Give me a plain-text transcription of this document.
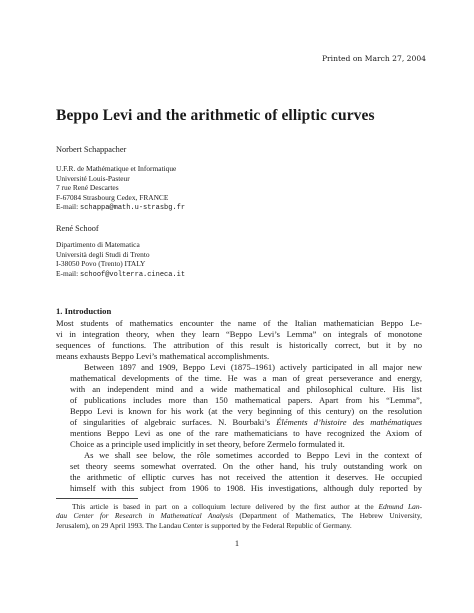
Printed on March 27, 2004
Beppo Levi and the arithmetic of elliptic curves
Norbert Schappacher
U.F.R. de Mathématique et Informatique
Université Louis-Pasteur
7 rue René Descartes
F-67084 Strasbourg Cedex, FRANCE
E-mail: schappa@math.u-strasbg.fr
René Schoof
Dipartimento di Matematica
Università degli Studi di Trento
I-38050 Povo (Trento) ITALY
E-mail: schoof@volterra.cineca.it
1. Introduction

Most students of mathematics encounter the name of the Italian mathematician Beppo Le-
vi in integration theory, when they learn “Beppo Levi’s Lemma” on integrals of monotone
sequences of functions. The attribution of this result is historically correct, but it by no
means exhausts Beppo Levi’s mathematical accomplishments.

Between 1897 and 1909, Beppo Levi (1875–1961) actively participated in all major new
mathematical developments of the time. He was a man of great perseverance and energy,
with an independent mind and a wide mathematical and philosophical culture. His list
of publications includes more than 150 mathematical papers. Apart from his “Lemma”,
Beppo Levi is known for his work (at the very beginning of this century) on the resolution
of singularities of algebraic surfaces. N. Bourbaki’s Éléments d’histoire des mathématiques
mentions Beppo Levi as one of the rare mathematicians to have recognized the Axiom of
Choice as a principle used implicitly in set theory, before Zermelo formulated it.

As we shall see below, the rôle sometimes accorded to Beppo Levi in the context of
set theory seems somewhat overrated. On the other hand, his truly outstanding work on
the arithmetic of elliptic curves has not received the attention it deserves. He occupied
himself with this subject from 1906 to 1908. His investigations, although duly reported by

This article is based in part on a colloquium lecture delivered by the first author at the Edmund Lan-
dau Center for Research in Mathematical Analysis (Department of Mathematics, The Hebrew University,
Jerusalem), on 29 April 1993. The Landau Center is supported by the Federal Republic of Germany.
1
